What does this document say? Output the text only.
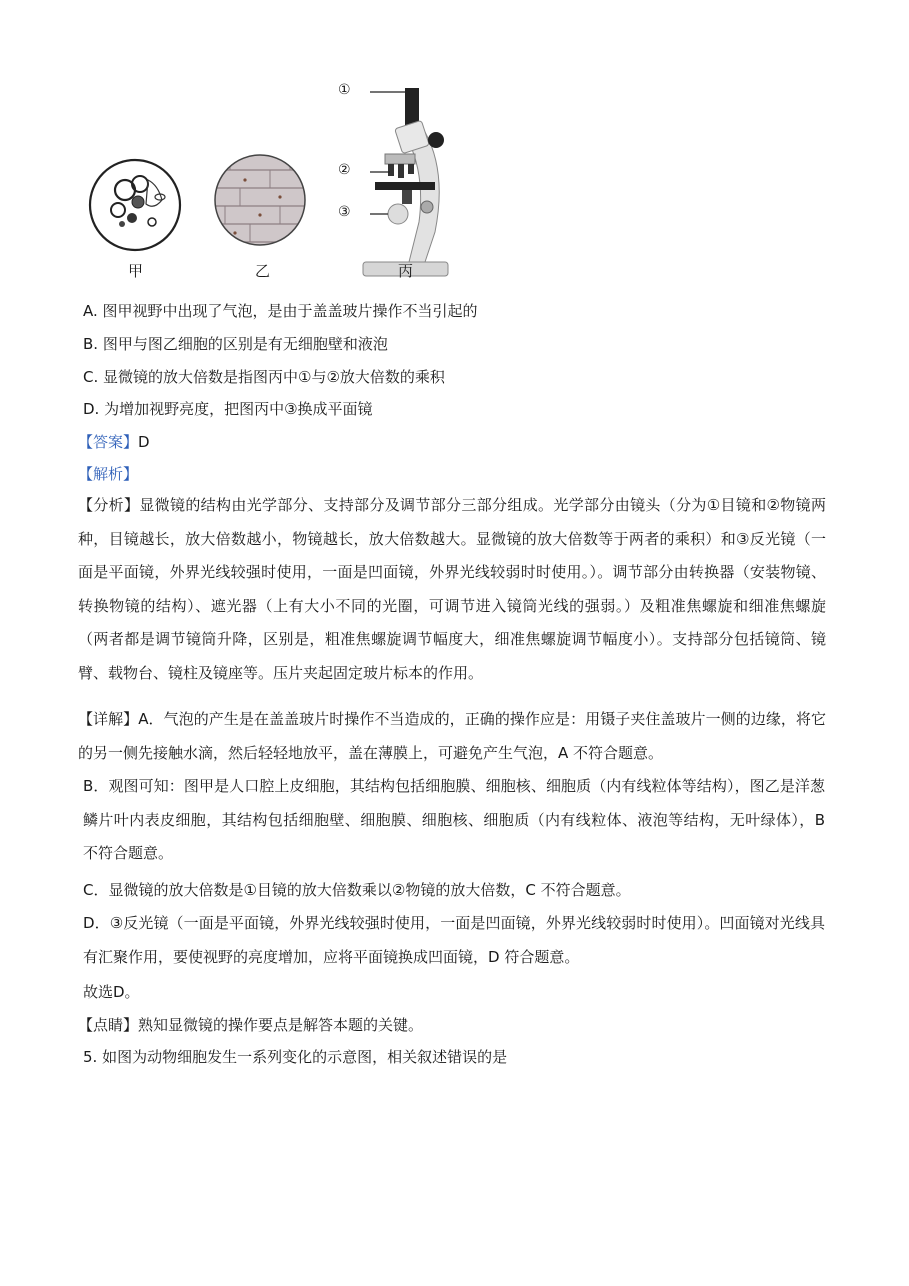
①
②
③
甲	乙	丙
A. 图甲视野中出现了气泡，是由于盖盖玻片操作不当引起的
B. 图甲与图乙细胞的区别是有无细胞壁和液泡
C. 显微镜的放大倍数是指图丙中①与②放大倍数的乘积
D. 为增加视野亮度，把图丙中③换成平面镜
【答案】D
【解析】
【分析】显微镜的结构由光学部分、支持部分及调节部分三部分组成。光学部分由镜头（分为①目镜和②物镜两种，目镜越长，放大倍数越小，物镜越长，放大倍数越大。显微镜的放大倍数等于两者的乘积）和③反光镜（一面是平面镜，外界光线较强时使用，一面是凹面镜，外界光线较弱时时使用。）。调节部分由转换器（安装物镜、转换物镜的结构）、遮光器（上有大小不同的光圈，可调节进入镜筒光线的强弱。）及粗准焦螺旋和细准焦螺旋（两者都是调节镜筒升降，区别是，粗准焦螺旋调节幅度大，细准焦螺旋调节幅度小）。支持部分包括镜筒、镜臂、载物台、镜柱及镜座等。压片夹起固定玻片标本的作用。
【详解】A．气泡的产生是在盖盖玻片时操作不当造成的，正确的操作应是：用镊子夹住盖玻片一侧的边缘，将它的另一侧先接触水滴，然后轻轻地放平，盖在薄膜上，可避免产生气泡，A 不符合题意。
B．观图可知：图甲是人口腔上皮细胞，其结构包括细胞膜、细胞核、细胞质（内有线粒体等结构），图乙是洋葱鳞片叶内表皮细胞，其结构包括细胞壁、细胞膜、细胞核、细胞质（内有线粒体、液泡等结构，无叶绿体），B 不符合题意。
C．显微镜的放大倍数是①目镜的放大倍数乘以②物镜的放大倍数，C 不符合题意。
D．③反光镜（一面是平面镜，外界光线较强时使用，一面是凹面镜，外界光线较弱时时使用）。凹面镜对光线具有汇聚作用，要使视野的亮度增加，应将平面镜换成凹面镜，D 符合题意。
故选D。
【点睛】熟知显微镜的操作要点是解答本题的关键。
5. 如图为动物细胞发生一系列变化的示意图，相关叙述错误的是
